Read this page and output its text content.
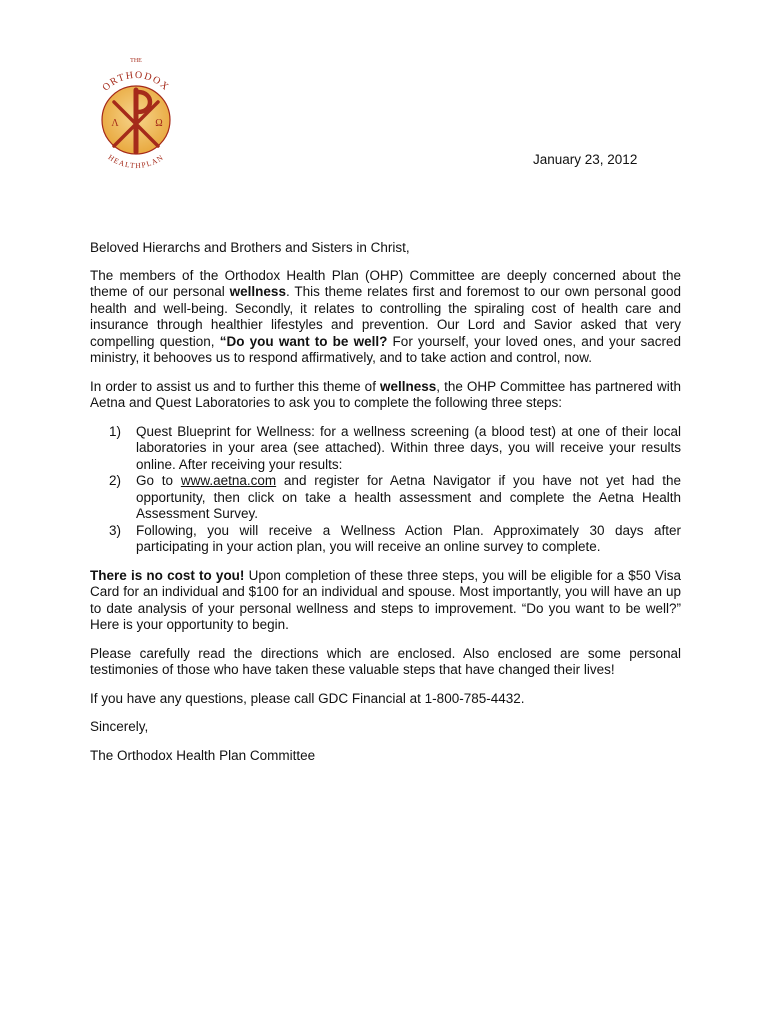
THE
ORTHODOX
Λ	Ω
HEALTHPLAN	January 23, 2012

Beloved Hierarchs and Brothers and Sisters in Christ,

The members of the Orthodox Health Plan (OHP) Committee are deeply concerned about the theme of our personal wellness. This theme relates first and foremost to our own personal good health and well-being. Secondly, it relates to controlling the spiraling cost of health care and insurance through healthier lifestyles and prevention. Our Lord and Savior asked that very compelling question, “Do you want to be well? For yourself, your loved ones, and your sacred ministry, it behooves us to respond affirmatively, and to take action and control, now.

In order to assist us and to further this theme of wellness, the OHP Committee has partnered with Aetna and Quest Laboratories to ask you to complete the following three steps:

1) Quest Blueprint for Wellness: for a wellness screening (a blood test) at one of their local laboratories in your area (see attached). Within three days, you will receive your results online. After receiving your results:
2) Go to www.aetna.com and register for Aetna Navigator if you have not yet had the opportunity, then click on take a health assessment and complete the Aetna Health Assessment Survey.
3) Following, you will receive a Wellness Action Plan. Approximately 30 days after participating in your action plan, you will receive an online survey to complete.

There is no cost to you! Upon completion of these three steps, you will be eligible for a $50 Visa Card for an individual and $100 for an individual and spouse. Most importantly, you will have an up to date analysis of your personal wellness and steps to improvement. “Do you want to be well?” Here is your opportunity to begin.

Please carefully read the directions which are enclosed. Also enclosed are some personal testimonies of those who have taken these valuable steps that have changed their lives!

If you have any questions, please call GDC Financial at 1-800-785-4432.

Sincerely,

The Orthodox Health Plan Committee
